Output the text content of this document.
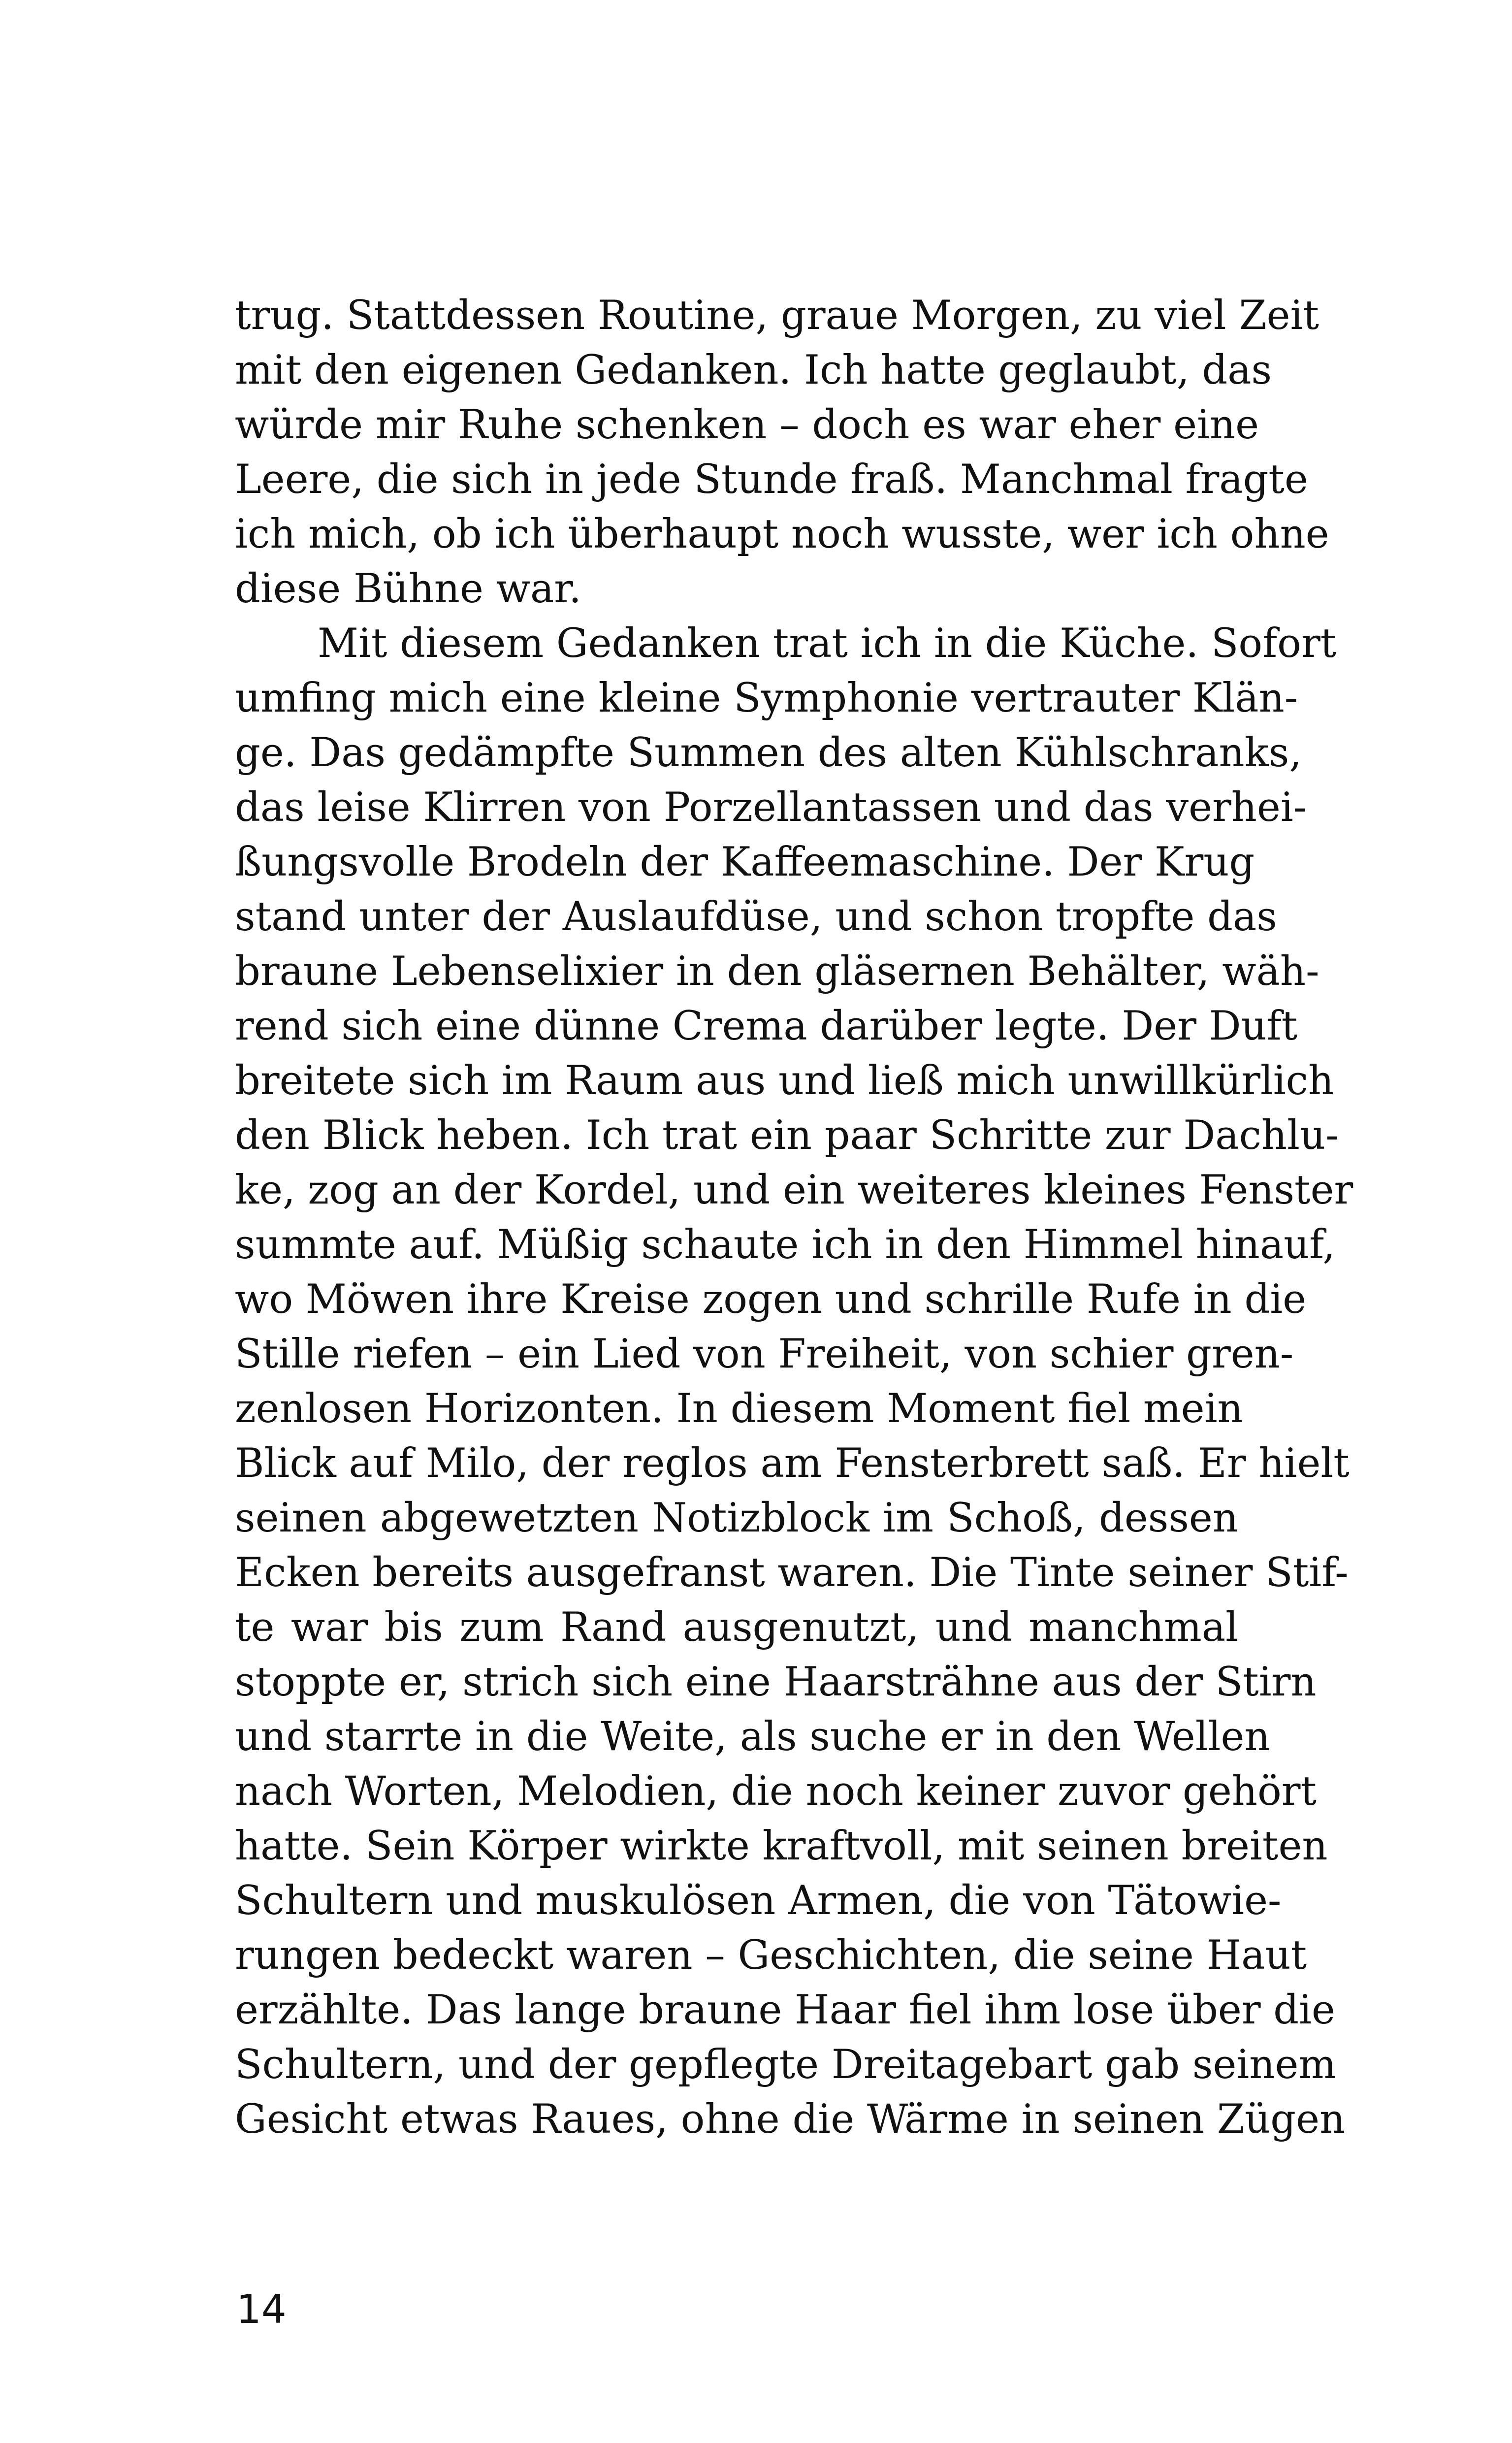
trug. Stattdessen Routine, graue Morgen, zu viel Zeit
mit den eigenen Gedanken. Ich hatte geglaubt, das
würde mir Ruhe schenken – doch es war eher eine
Leere, die sich in jede Stunde fraß. Manchmal fragte
ich mich, ob ich überhaupt noch wusste, wer ich ohne
diese Bühne war.
Mit diesem Gedanken trat ich in die Küche. Sofort
umfing mich eine kleine Symphonie vertrauter Klän-
ge. Das gedämpfte Summen des alten Kühlschranks,
das leise Klirren von Porzellantassen und das verhei-
ßungsvolle Brodeln der Kaffeemaschine. Der Krug
stand unter der Auslaufdüse, und schon tropfte das
braune Lebenselixier in den gläsernen Behälter, wäh-
rend sich eine dünne Crema darüber legte. Der Duft
breitete sich im Raum aus und ließ mich unwillkürlich
den Blick heben. Ich trat ein paar Schritte zur Dachlu-
ke, zog an der Kordel, und ein weiteres kleines Fenster
summte auf. Müßig schaute ich in den Himmel hinauf,
wo Möwen ihre Kreise zogen und schrille Rufe in die
Stille riefen – ein Lied von Freiheit, von schier gren-
zenlosen Horizonten. In diesem Moment fiel mein
Blick auf Milo, der reglos am Fensterbrett saß. Er hielt
seinen abgewetzten Notizblock im Schoß, dessen
Ecken bereits ausgefranst waren. Die Tinte seiner Stif-
te war bis zum Rand ausgenutzt, und manchmal
stoppte er, strich sich eine Haarsträhne aus der Stirn
und starrte in die Weite, als suche er in den Wellen
nach Worten, Melodien, die noch keiner zuvor gehört
hatte. Sein Körper wirkte kraftvoll, mit seinen breiten
Schultern und muskulösen Armen, die von Tätowie-
rungen bedeckt waren – Geschichten, die seine Haut
erzählte. Das lange braune Haar fiel ihm lose über die
Schultern, und der gepflegte Dreitagebart gab seinem
Gesicht etwas Raues, ohne die Wärme in seinen Zügen
14
